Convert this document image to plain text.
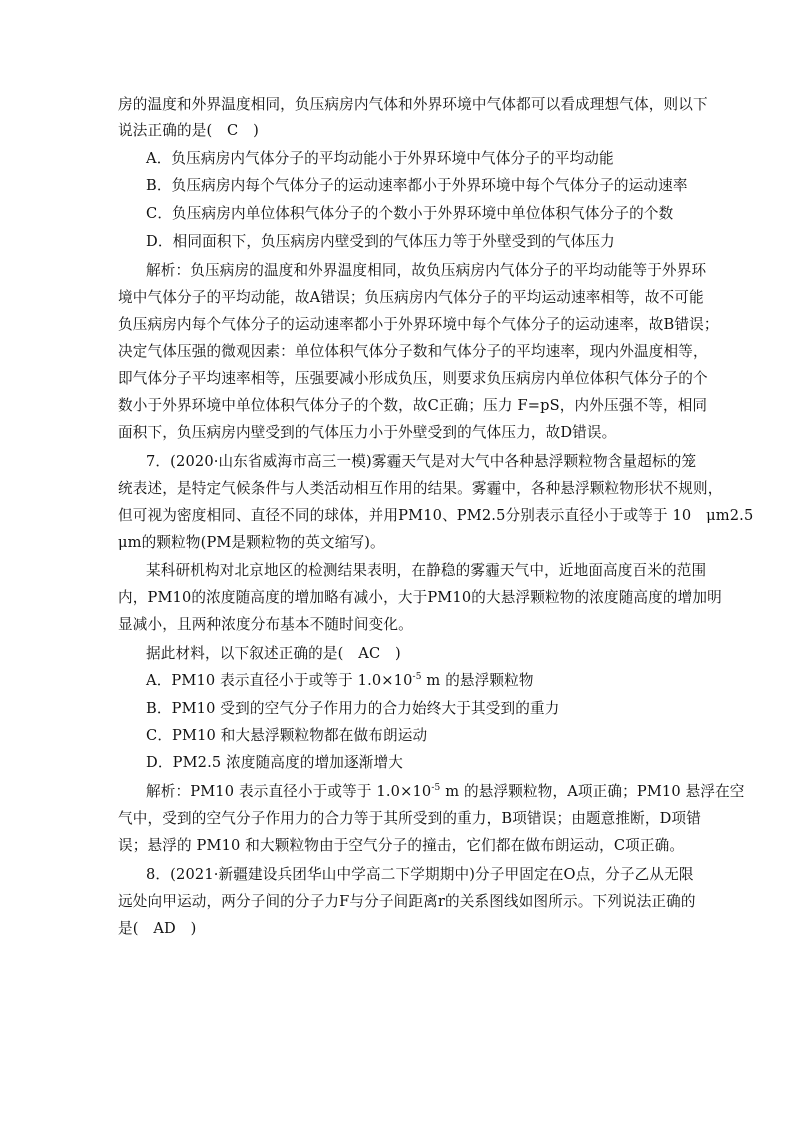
房的温度和外界温度相同，负压病房内气体和外界环境中气体都可以看成理想气体，则以下
说法正确的是(　C　)
A．负压病房内气体分子的平均动能小于外界环境中气体分子的平均动能
B．负压病房内每个气体分子的运动速率都小于外界环境中每个气体分子的运动速率
C．负压病房内单位体积气体分子的个数小于外界环境中单位体积气体分子的个数
D．相同面积下，负压病房内壁受到的气体压力等于外壁受到的气体压力
解析：负压病房的温度和外界温度相同，故负压病房内气体分子的平均动能等于外界环
境中气体分子的平均动能，故A错误；负压病房内气体分子的平均运动速率相等，故不可能
负压病房内每个气体分子的运动速率都小于外界环境中每个气体分子的运动速率，故B错误；
决定气体压强的微观因素：单位体积气体分子数和气体分子的平均速率，现内外温度相等，
即气体分子平均速率相等，压强要减小形成负压，则要求负压病房内单位体积气体分子的个
数小于外界环境中单位体积气体分子的个数，故C正确；压力 F=pS，内外压强不等，相同
面积下，负压病房内壁受到的气体压力小于外壁受到的气体压力，故D错误。
7．(2020·山东省威海市高三一模)雾霾天气是对大气中各种悬浮颗粒物含量超标的笼
统表述，是特定气候条件与人类活动相互作用的结果。雾霾中，各种悬浮颗粒物形状不规则，
但可视为密度相同、直径不同的球体，并用PM10、PM2.5分别表示直径小于或等于 10　μm2.5
μm的颗粒物(PM是颗粒物的英文缩写)。
某科研机构对北京地区的检测结果表明，在静稳的雾霾天气中，近地面高度百米的范围
内，PM10的浓度随高度的增加略有减小，大于PM10的大悬浮颗粒物的浓度随高度的增加明
显减小，且两种浓度分布基本不随时间变化。
据此材料，以下叙述正确的是(　AC　)
A．PM10 表示直径小于或等于 $1.0\times 10^{-5}$ m 的悬浮颗粒物
B．PM10 受到的空气分子作用力的合力始终大于其受到的重力
C．PM10 和大悬浮颗粒物都在做布朗运动
D．PM2.5 浓度随高度的增加逐渐增大
解析：PM10 表示直径小于或等于 $1.0\times 10^{-5}$ m 的悬浮颗粒物，A项正确；PM10 悬浮在空
气中，受到的空气分子作用力的合力等于其所受到的重力，B项错误；由题意推断，D项错
误；悬浮的 PM10 和大颗粒物由于空气分子的撞击，它们都在做布朗运动，C项正确。
8．(2021·新疆建设兵团华山中学高二下学期期中)分子甲固定在O点，分子乙从无限
远处向甲运动，两分子间的分子力F与分子间距离r的关系图线如图所示。下列说法正确的
是(　AD　)
